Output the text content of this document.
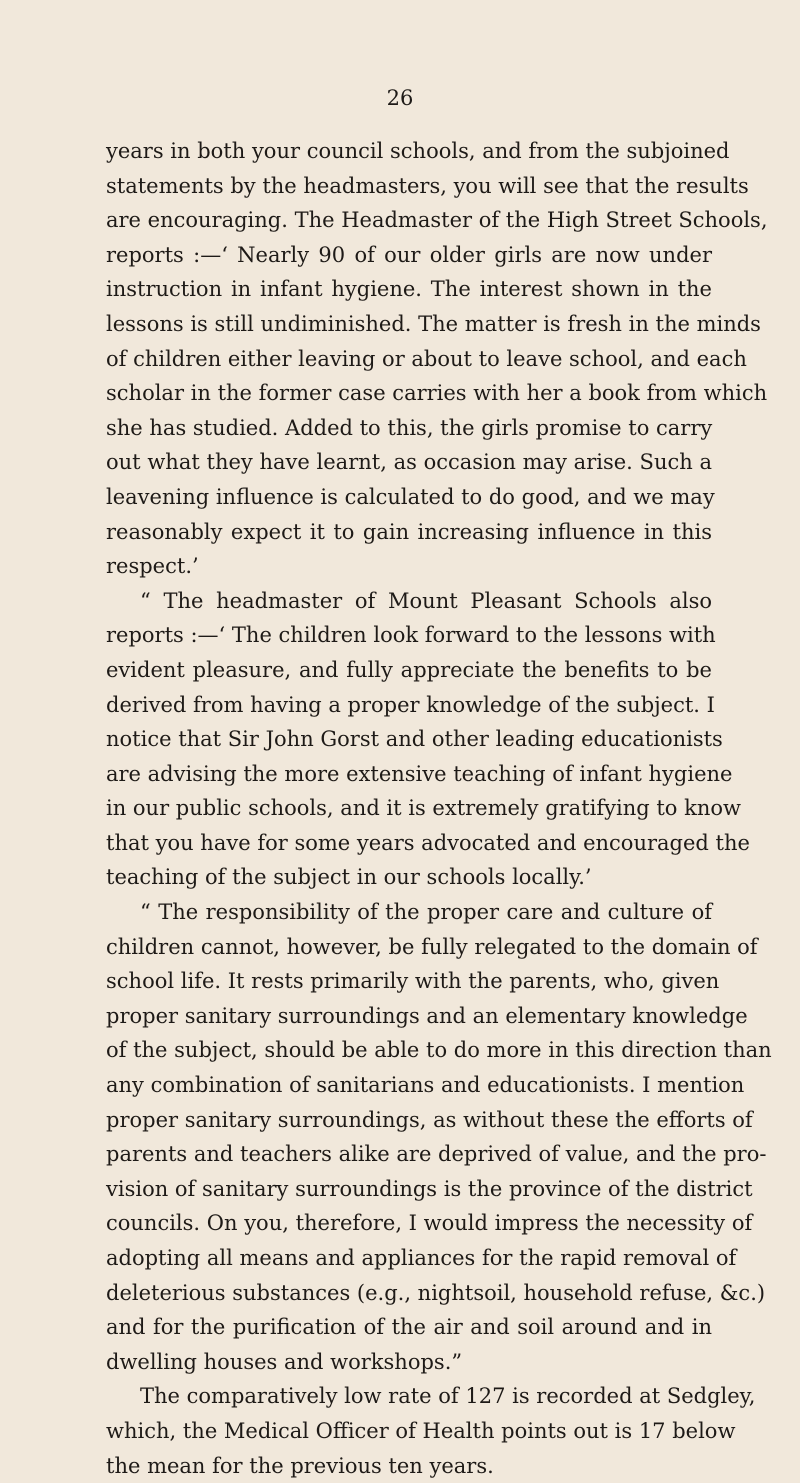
26

years in both your council schools, and from the subjoined
statements by the headmasters, you will see that the results
are encouraging. The Headmaster of the High Street Schools,
reports :—‘ Nearly 90 of our older girls are now under
instruction in infant hygiene. The interest shown in the
lessons is still undiminished. The matter is fresh in the minds
of children either leaving or about to leave school, and each
scholar in the former case carries with her a book from which
she has studied. Added to this, the girls promise to carry
out what they have learnt, as occasion may arise. Such a
leavening influence is calculated to do good, and we may
reasonably expect it to gain increasing influence in this
respect.’

“ The headmaster of Mount Pleasant Schools also
reports :—‘ The children look forward to the lessons with
evident pleasure, and fully appreciate the benefits to be
derived from having a proper knowledge of the subject. I
notice that Sir John Gorst and other leading educationists
are advising the more extensive teaching of infant hygiene
in our public schools, and it is extremely gratifying to know
that you have for some years advocated and encouraged the
teaching of the subject in our schools locally.’

“ The responsibility of the proper care and culture of
children cannot, however, be fully relegated to the domain of
school life. It rests primarily with the parents, who, given
proper sanitary surroundings and an elementary knowledge
of the subject, should be able to do more in this direction than
any combination of sanitarians and educationists. I mention
proper sanitary surroundings, as without these the efforts of
parents and teachers alike are deprived of value, and the pro-
vision of sanitary surroundings is the province of the district
councils. On you, therefore, I would impress the necessity of
adopting all means and appliances for the rapid removal of
deleterious substances (e.g., nightsoil, household refuse, &c.)
and for the purification of the air and soil around and in
dwelling houses and workshops.”

The comparatively low rate of 127 is recorded at Sedgley,
which, the Medical Officer of Health points out is 17 below
the mean for the previous ten years.
